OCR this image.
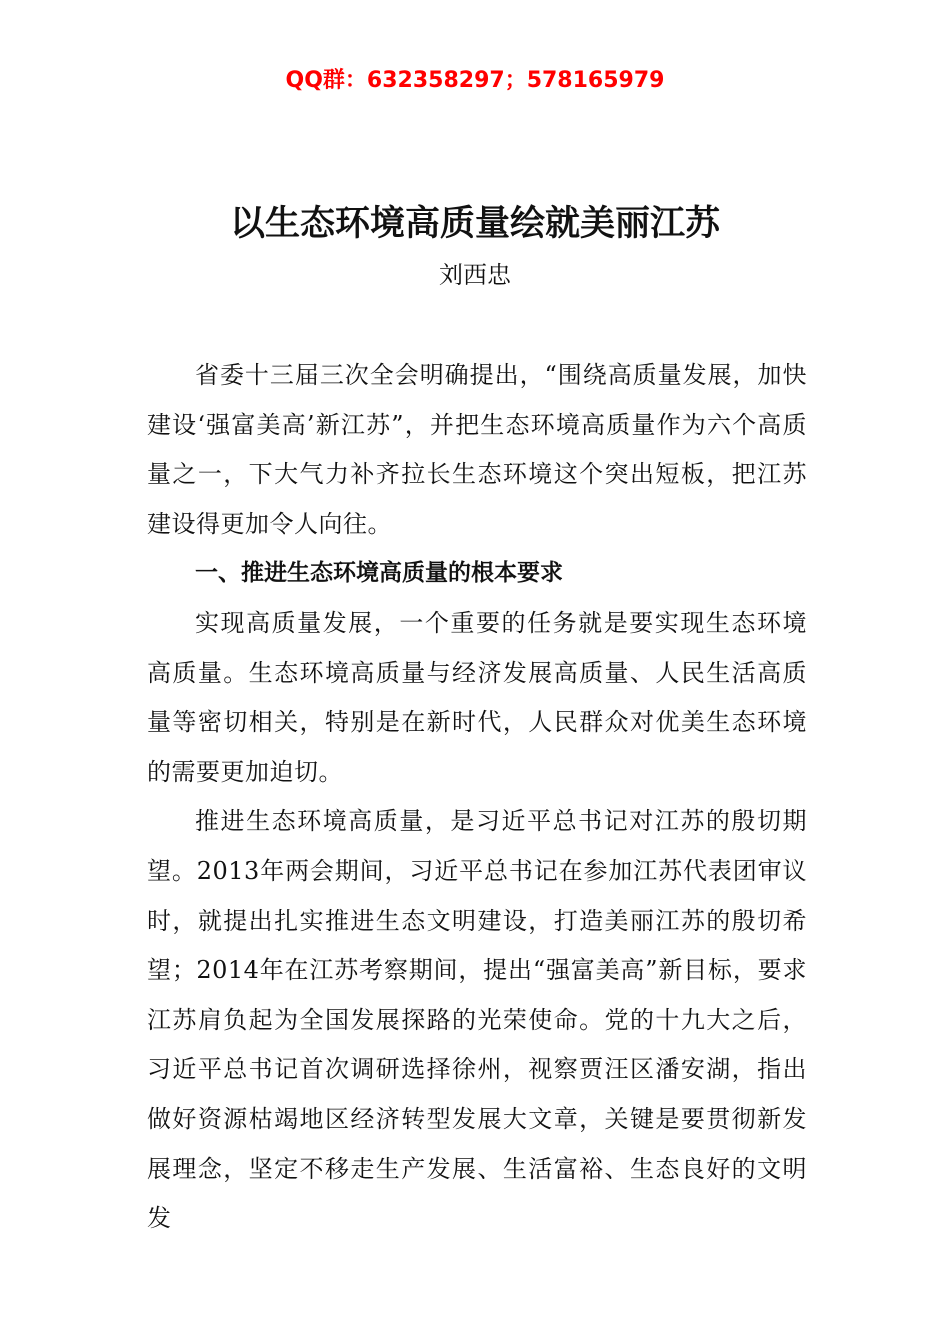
QQ群：632358297；578165979
以生态环境高质量绘就美丽江苏
刘西忠

省委十三届三次全会明确提出，“围绕高质量发展，加快建设‘强富美高’新江苏”，并把生态环境高质量作为六个高质量之一，下大气力补齐拉长生态环境这个突出短板，把江苏建设得更加令人向往。

一、推进生态环境高质量的根本要求

实现高质量发展，一个重要的任务就是要实现生态环境高质量。生态环境高质量与经济发展高质量、人民生活高质量等密切相关，特别是在新时代，人民群众对优美生态环境的需要更加迫切。

推进生态环境高质量，是习近平总书记对江苏的殷切期望。2013年两会期间，习近平总书记在参加江苏代表团审议时，就提出扎实推进生态文明建设，打造美丽江苏的殷切希望；2014年在江苏考察期间，提出“强富美高”新目标，要求江苏肩负起为全国发展探路的光荣使命。党的十九大之后，习近平总书记首次调研选择徐州，视察贾汪区潘安湖，指出做好资源枯竭地区经济转型发展大文章，关键是要贯彻新发展理念，坚定不移走生产发展、生活富裕、生态良好的文明发
